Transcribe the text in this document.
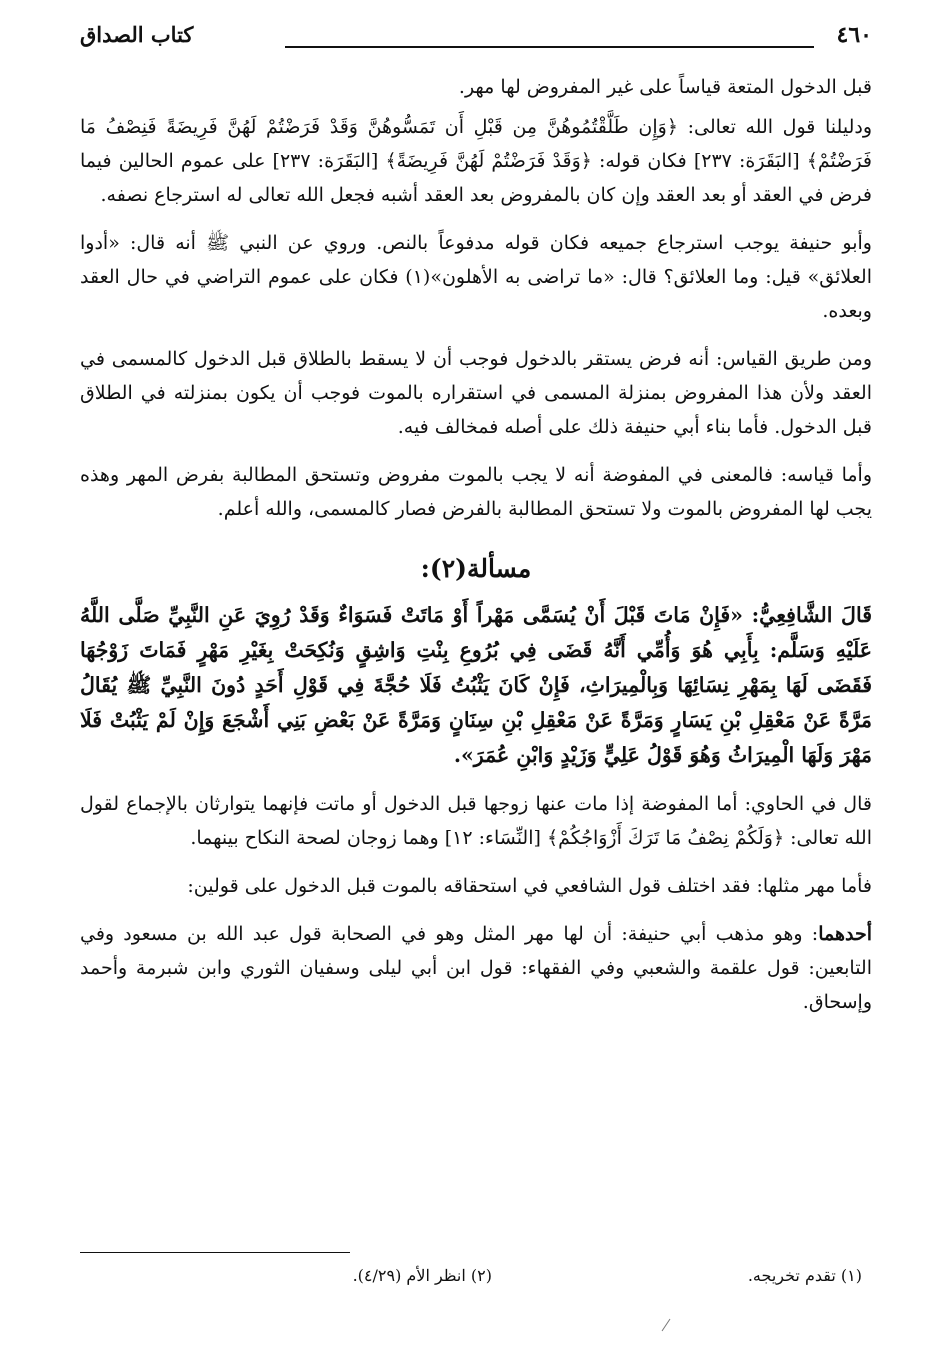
٤٦٠
كتاب الصداق

قبل الدخول المتعة قياساً على غير المفروض لها مهر.

ودليلنا قول الله تعالى: ﴿وَإِن طَلَّقْتُمُوهُنَّ مِن قَبْلِ أَن تَمَسُّوهُنَّ وَقَدْ فَرَضْتُمْ لَهُنَّ فَرِيضَةً فَنِصْفُ مَا فَرَضْتُمْ﴾ [البَقَرَة: ٢٣٧] فكان قوله: ﴿وَقَدْ فَرَضْتُمْ لَهُنَّ فَرِيضَةً﴾ [البَقَرَة: ٢٣٧] على عموم الحالين فيما فرض في العقد أو بعد العقد وإن كان بالمفروض بعد العقد أشبه فجعل الله تعالى له استرجاع نصفه.

وأبو حنيفة يوجب استرجاع جميعه فكان قوله مدفوعاً بالنص. وروي عن النبي ﷺ أنه قال: «أدوا العلائق» قيل: وما العلائق؟ قال: «ما تراضى به الأهلون»(١) فكان على عموم التراضي في حال العقد وبعده.

ومن طريق القياس: أنه فرض يستقر بالدخول فوجب أن لا يسقط بالطلاق قبل الدخول كالمسمى في العقد ولأن هذا المفروض بمنزلة المسمى في استقراره بالموت فوجب أن يكون بمنزلته في الطلاق قبل الدخول. فأما بناء أبي حنيفة ذلك على أصله فمخالف فيه.

وأما قياسه: فالمعنى في المفوضة أنه لا يجب بالموت مفروض وتستحق المطالبة بفرض المهر وهذه يجب لها المفروض بالموت ولا تستحق المطالبة بالفرض فصار كالمسمى، والله أعلم.

مسألة(٢):

قَالَ الشَّافِعِيُّ: «فَإِنْ مَاتَ قَبْلَ أَنْ يُسَمَّى مَهْراً أَوْ مَاتَتْ فَسَوَاءٌ وَقَدْ رُوِيَ عَنِ النَّبِيِّ صَلَّى اللَّهُ عَلَيْهِ وَسَلَّم: بِأَبِي هُوَ وَأُمِّي أَنَّهُ قَضَى فِي بُرُوعِ بِنْتِ وَاشِقٍ وَنُكِحَتْ بِغَيْرِ مَهْرٍ فَمَاتَ زَوْجُهَا فَقَضَى لَهَا بِمَهْرِ نِسَائِهَا وَبِالْمِيرَاثِ، فَإِنْ كَانَ يَثْبُتُ فَلَا حُجَّةَ فِي قَوْلِ أَحَدٍ دُونَ النَّبِيِّ ﷺ يُقَالُ مَرَّةً عَنْ مَعْقِلِ بْنِ يَسَارٍ وَمَرَّةً عَنْ مَعْقِلِ بْنِ سِنَانٍ وَمَرَّةً عَنْ بَعْضِ بَنِي أَشْجَعَ وَإِنْ لَمْ يَثْبُتْ فَلَا مَهْرَ وَلَهَا الْمِيرَاثُ وَهُوَ قَوْلُ عَلِيٍّ وَزَيْدٍ وَابْنِ عُمَرَ».

قال في الحاوي: أما المفوضة إذا مات عنها زوجها قبل الدخول أو ماتت فإنهما يتوارثان بالإجماع لقول الله تعالى: ﴿وَلَكُمْ نِصْفُ مَا تَرَكَ أَزْوَاجُكُمْ﴾ [النِّسَاء: ١٢] وهما زوجان لصحة النكاح بينهما.

فأما مهر مثلها: فقد اختلف قول الشافعي في استحقاقه بالموت قبل الدخول على قولين:

أحدهما: وهو مذهب أبي حنيفة: أن لها مهر المثل وهو في الصحابة قول عبد الله بن مسعود وفي التابعين: قول علقمة والشعبي وفي الفقهاء: قول ابن أبي ليلى وسفيان الثوري وابن شبرمة وأحمد وإسحاق.

(١) تقدم تخريجه.
(٢) انظر الأم (٤/٢٩).
